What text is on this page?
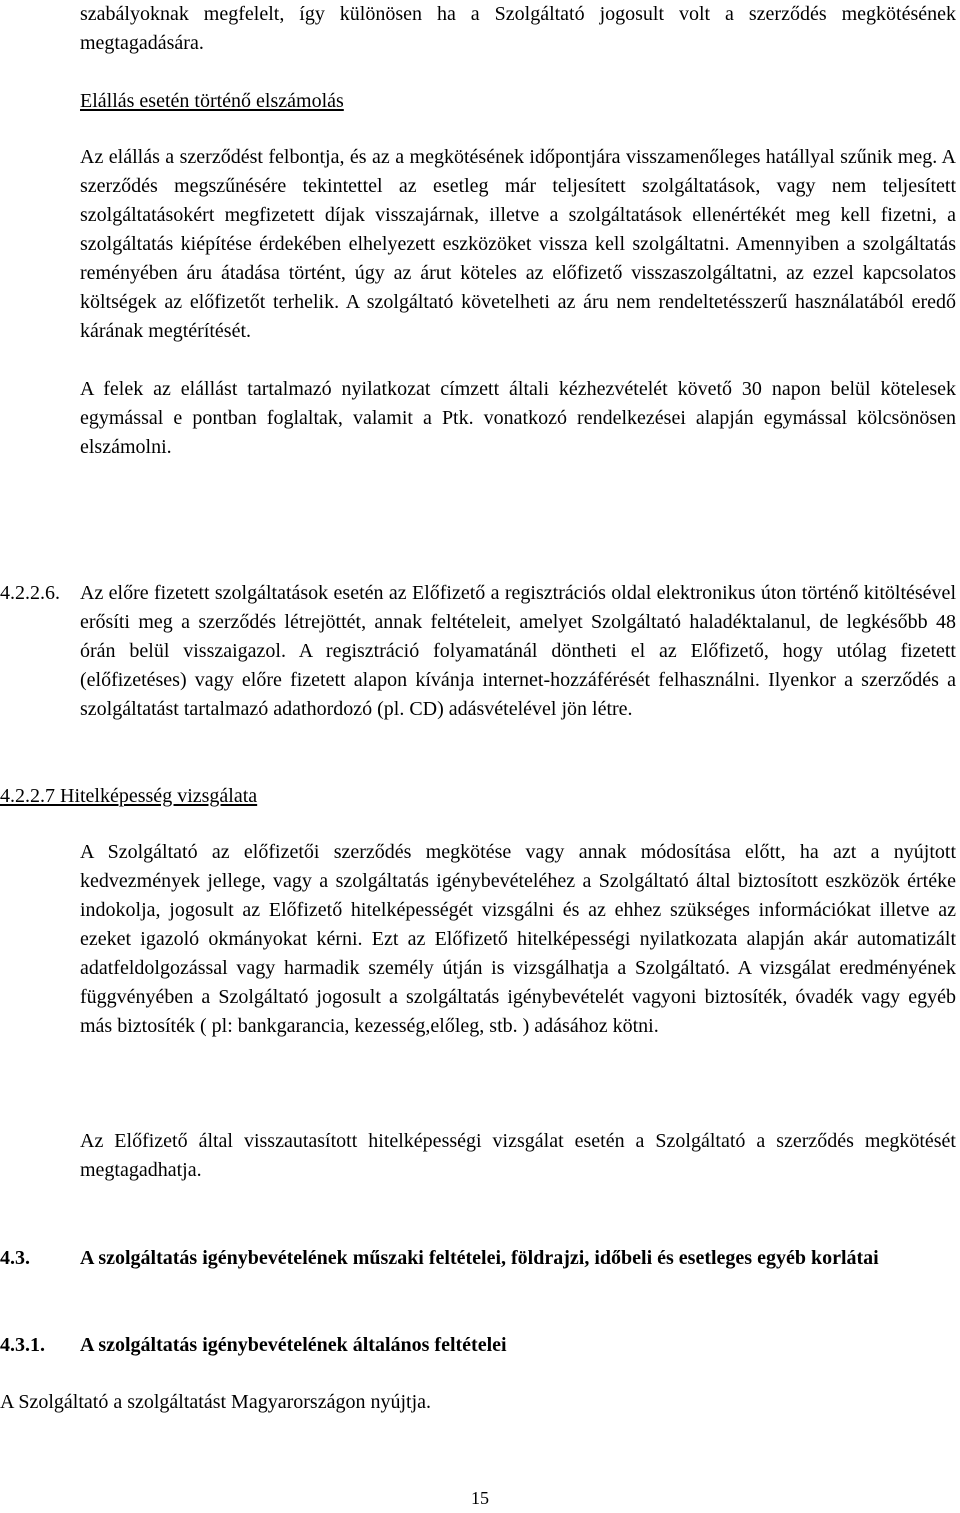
szabályoknak megfelelt, így különösen ha a Szolgáltató jogosult volt a szerződés megkötésének megtagadására.

Elállás esetén történő elszámolás

Az elállás a szerződést felbontja, és az a megkötésének időpontjára visszamenőleges hatállyal szűnik meg. A szerződés megszűnésére tekintettel az esetleg már teljesített szolgáltatások, vagy nem teljesített szolgáltatásokért megfizetett díjak visszajárnak, illetve a szolgáltatások ellenértékét meg kell fizetni, a szolgáltatás kiépítése érdekében elhelyezett eszközöket vissza kell szolgáltatni. Amennyiben a szolgáltatás reményében áru átadása történt, úgy az árut köteles az előfizető visszaszolgáltatni, az ezzel kapcsolatos költségek az előfizetőt terhelik. A szolgáltató követelheti az áru nem rendeltetésszerű használatából eredő kárának megtérítését.

A felek az elállást tartalmazó nyilatkozat címzett általi kézhezvételét követő 30 napon belül kötelesek egymással e pontban foglaltak, valamit a Ptk. vonatkozó rendelkezései alapján egymással kölcsönösen elszámolni.

4.2.2.6. Az előre fizetett szolgáltatások esetén az Előfizető a regisztrációs oldal elektronikus úton történő kitöltésével erősíti meg a szerződés létrejöttét, annak feltételeit, amelyet Szolgáltató haladéktalanul, de legkésőbb 48 órán belül visszaigazol. A regisztráció folyamatánál döntheti el az Előfizető, hogy utólag fizetett (előfizetéses) vagy előre fizetett alapon kívánja internet-hozzáférését felhasználni. Ilyenkor a szerződés a szolgáltatást tartalmazó adathordozó (pl. CD) adásvételével jön létre.

4.2.2.7 Hitelképesség vizsgálata

A Szolgáltató az előfizetői szerződés megkötése vagy annak módosítása előtt, ha azt a nyújtott kedvezmények jellege, vagy a szolgáltatás igénybevételéhez a Szolgáltató által biztosított eszközök értéke indokolja, jogosult az Előfizető hitelképességét vizsgálni és az ehhez szükséges információkat illetve az ezeket igazoló okmányokat kérni. Ezt az Előfizető hitelképességi nyilatkozata alapján akár automatizált adatfeldolgozással vagy harmadik személy útján is vizsgálhatja a Szolgáltató. A vizsgálat eredményének függvényében a Szolgáltató jogosult a szolgáltatás igénybevételét vagyoni biztosíték, óvadék vagy egyéb más biztosíték ( pl: bankgarancia, kezesség,előleg, stb. ) adásához kötni.

Az Előfizető által visszautasított hitelképességi vizsgálat esetén a Szolgáltató a szerződés megkötését megtagadhatja.

4.3.	A szolgáltatás igénybevételének műszaki feltételei, földrajzi, időbeli és esetleges egyéb korlátai
4.3.1.	A szolgáltatás igénybevételének általános feltételei

A Szolgáltató a szolgáltatást Magyarországon nyújtja.

15
